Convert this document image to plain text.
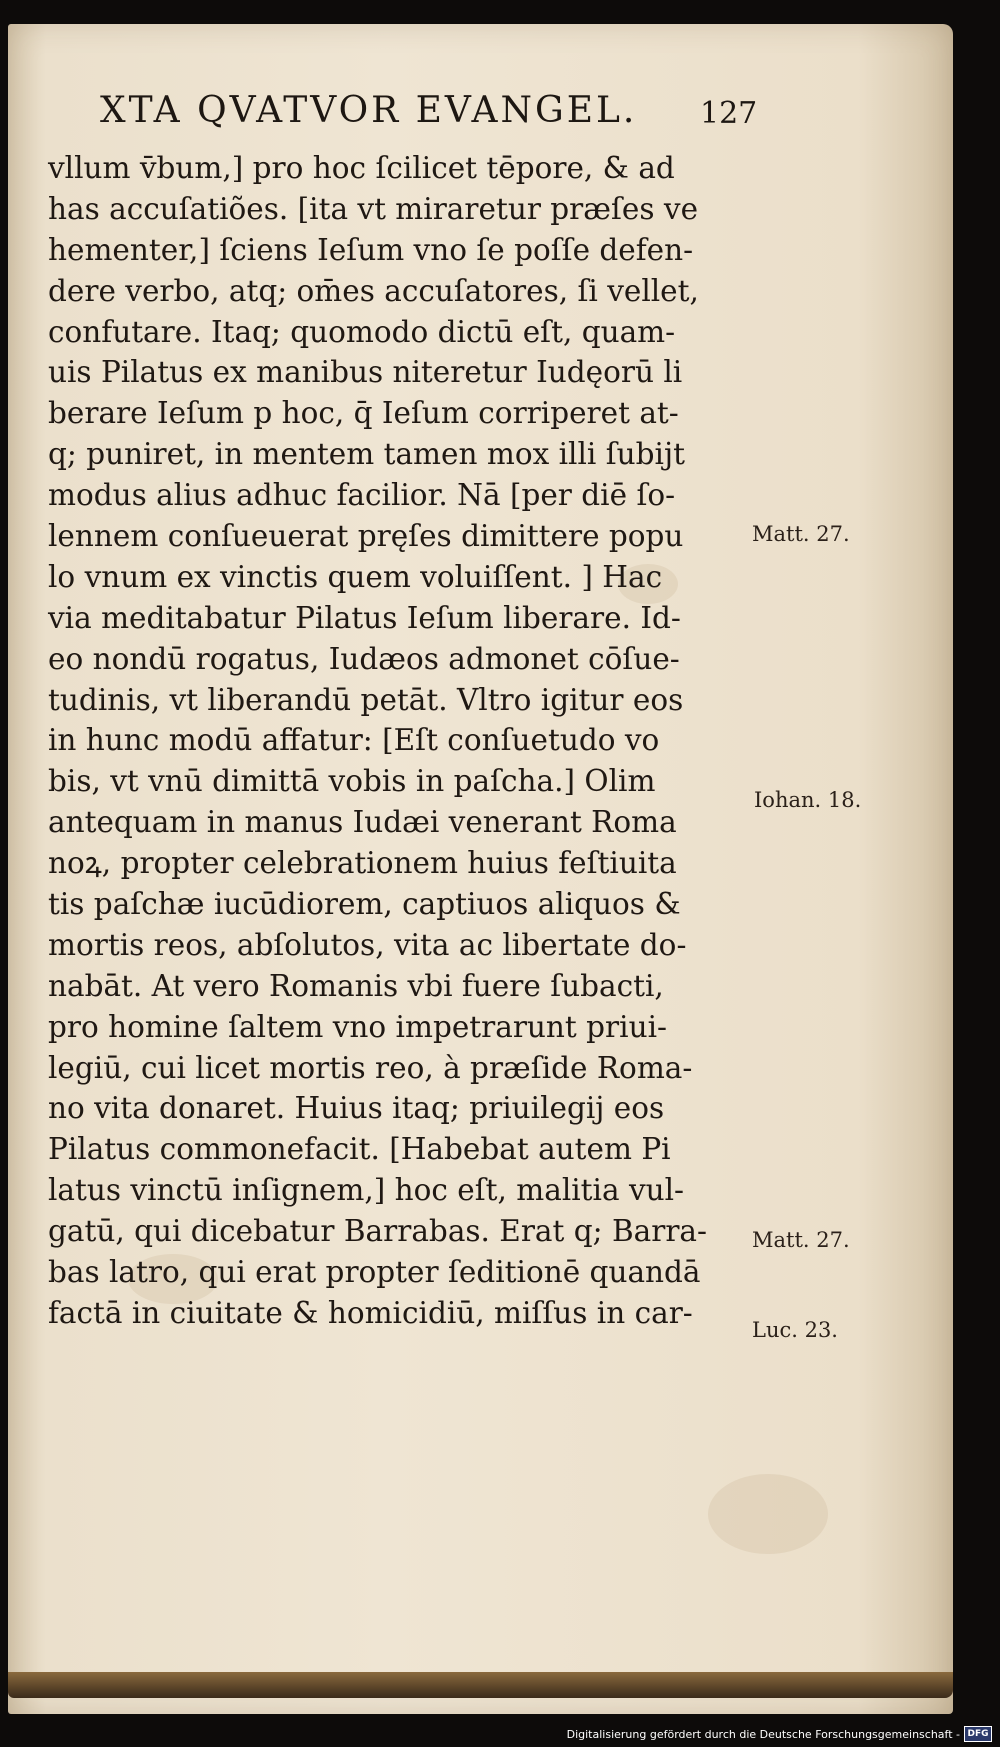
XTA QVATVOR EVANGEL.	127
vllum v̄bum,] pro hoc ſcilicet tēpore, & ad
has accuſatiões. [ita vt miraretur præſes ve
hementer,] ſciens Ieſum vno ſe poſſe defen-
dere verbo, atq; om̄es accuſatores, ſi vellet,
confutare. Itaq; quomodo dictū eſt, quam-
uis Pilatus ex manibus niteretur Iudęorū li
berare Ieſum p hoc, q̄ Ieſum corriperet at-
q; puniret, in mentem tamen mox illi ſubijt
modus alius adhuc facilior. Nā [per diē ſo-
lennem conſueuerat pręſes dimittere popu
lo vnum ex vinctis quem voluiſſent. ] Hac
via meditabatur Pilatus Ieſum liberare. Id-
eo nondū rogatus, Iudæos admonet cōſue-
tudinis, vt liberandū petāt. Vltro igitur eos
in hunc modū affatur: [Eſt conſuetudo vo
bis, vt vnū dimittā vobis in paſcha.] Olim
antequam in manus Iudæi venerant Roma
noꝝ, propter celebrationem huius feſtiuita
tis paſchæ iucūdiorem, captiuos aliquos &
mortis reos, abſolutos, vita ac libertate do-
nabāt. At vero Romanis vbi fuere ſubacti,
pro homine ſaltem vno impetrarunt priui-
legiū, cui licet mortis reo, à præſide Roma-
no vita donaret. Huius itaq; priuilegij eos
Pilatus commonefacit. [Habebat autem Pi
latus vinctū inſignem,] hoc eſt, malitia vul-
gatū, qui dicebatur Barrabas. Erat q; Barra-
bas latro, qui erat propter ſeditionē quandā
factā in ciuitate & homicidiū, miſſus in car-
Matt. 27.
Iohan. 18.
Matt. 27.
Luc. 23.
Digitalisierung gefördert durch die Deutsche Forschungsgemeinschaft - DFG
